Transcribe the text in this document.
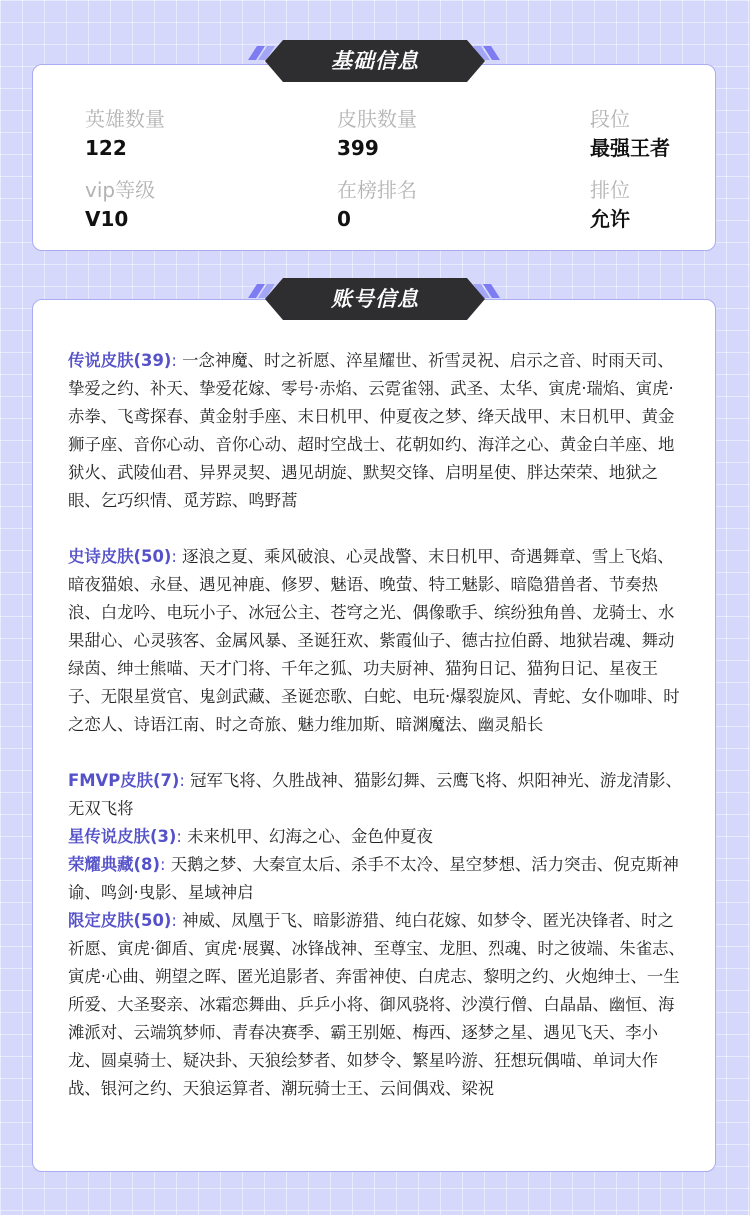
英雄数量
122
皮肤数量
399
段位
最强王者
vip等级
V10
在榜排名
0
排位
允许
基础信息

传说皮肤(39): 一念神魔、时之祈愿、淬星耀世、祈雪灵祝、启示之音、时雨天司、挚爱之约、补天、挚爱花嫁、零号·赤焰、云霓雀翎、武圣、太华、寅虎·瑞焰、寅虎·赤拳、飞鸢探春、黄金射手座、末日机甲、仲夏夜之梦、绛天战甲、末日机甲、黄金狮子座、音你心动、音你心动、超时空战士、花朝如约、海洋之心、黄金白羊座、地狱火、武陵仙君、异界灵契、遇见胡旋、默契交锋、启明星使、胖达荣荣、地狱之眼、乞巧织情、觅芳踪、鸣野蒿

史诗皮肤(50): 逐浪之夏、乘风破浪、心灵战警、末日机甲、奇遇舞章、雪上飞焰、暗夜猫娘、永昼、遇见神鹿、修罗、魅语、晚萤、特工魅影、暗隐猎兽者、节奏热浪、白龙吟、电玩小子、冰冠公主、苍穹之光、偶像歌手、缤纷独角兽、龙骑士、水果甜心、心灵骇客、金属风暴、圣诞狂欢、紫霞仙子、德古拉伯爵、地狱岩魂、舞动绿茵、绅士熊喵、天才门将、千年之狐、功夫厨神、猫狗日记、猫狗日记、星夜王子、无限星赏官、鬼剑武藏、圣诞恋歌、白蛇、电玩·爆裂旋风、青蛇、女仆咖啡、时之恋人、诗语江南、时之奇旅、魅力维加斯、暗渊魔法、幽灵船长

FMVP皮肤(7): 冠军飞将、久胜战神、猫影幻舞、云鹰飞将、炽阳神光、游龙清影、无双飞将

星传说皮肤(3): 未来机甲、幻海之心、金色仲夏夜

荣耀典藏(8): 天鹅之梦、大秦宣太后、杀手不太冷、星空梦想、活力突击、倪克斯神谕、鸣剑·曳影、星域神启

限定皮肤(50): 神威、凤凰于飞、暗影游猎、纯白花嫁、如梦令、匿光决锋者、时之祈愿、寅虎·御盾、寅虎·展翼、冰锋战神、至尊宝、龙胆、烈魂、时之彼端、朱雀志、寅虎·心曲、朔望之晖、匿光追影者、奔雷神使、白虎志、黎明之约、火炮绅士、一生所爱、大圣娶亲、冰霜恋舞曲、乒乒小将、御风骁将、沙漠行僧、白晶晶、幽恒、海滩派对、云端筑梦师、青春决赛季、霸王别姬、梅西、逐梦之星、遇见飞天、李小龙、圆桌骑士、疑决卦、天狼绘梦者、如梦令、繁星吟游、狂想玩偶喵、单词大作战、银河之约、天狼运算者、潮玩骑士王、云间偶戏、梁祝

账号信息
